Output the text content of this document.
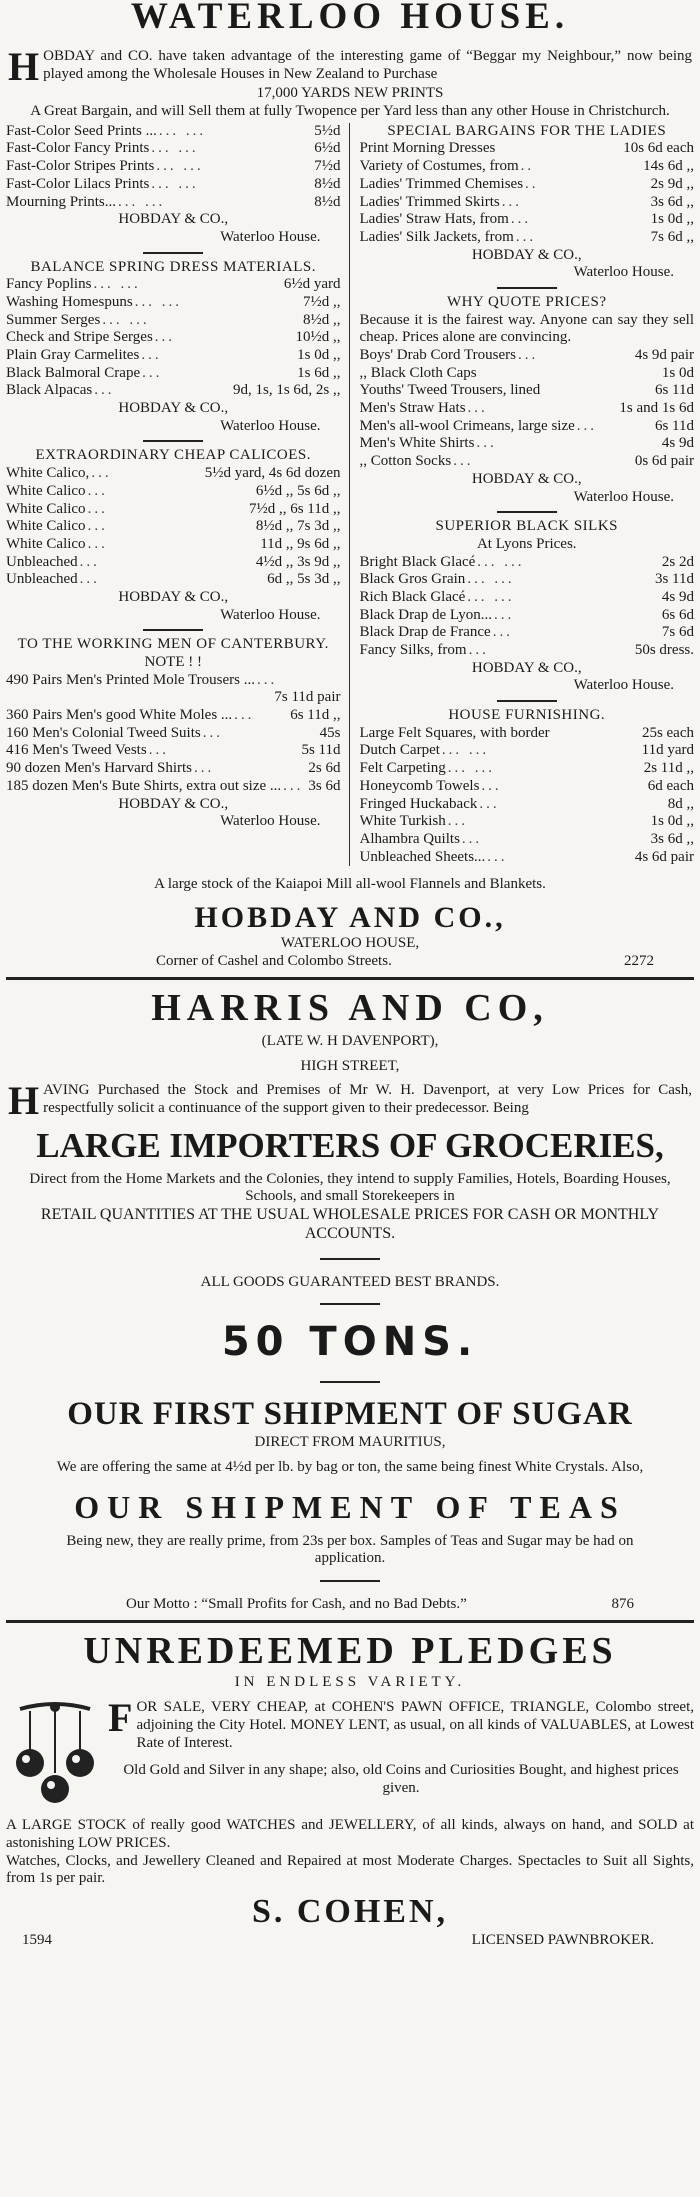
WATERLOO HOUSE.

HOBDAY and CO. have taken advantage of the interesting game of “Beggar my Neighbour,” now being played among the Wholesale Houses in New Zealand to Purchase

17,000 YARDS NEW PRINTS
A Great Bargain, and will Sell them at fully Twopence per Yard less than any other House in Christchurch.
Fast-Color Seed Prints ... ... ...	5½d
Fast-Color Fancy Prints ... ...	6½d
Fast-Color Stripes Prints ... ...	7½d
Fast-Color Lilacs Prints ... ...	8½d
Mourning Prints... ... ...	8½d
HOBDAY & CO.,
Waterloo House.
BALANCE SPRING DRESS MATERIALS.
Fancy Poplins ... ...	6½d yard
Washing Homespuns ... ...	7½d ,,
Summer Serges ... ...	8½d ,,
Check and Stripe Serges ...	10½d ,,
Plain Gray Carmelites ...	1s 0d ,,
Black Balmoral Crape ...	1s 6d ,,
Black Alpacas ...	9d, 1s, 1s 6d, 2s ,,
HOBDAY & CO.,
Waterloo House.
EXTRAORDINARY CHEAP CALICOES.
White Calico, ...	5½d yard, 4s 6d dozen
White Calico ...	6½d ,, 5s 6d ,,
White Calico ...	7½d ,, 6s 11d ,,
White Calico ...	8½d ,, 7s 3d ,,
White Calico ...	11d ,, 9s 6d ,,
Unbleached ...	4½d ,, 3s 9d ,,
Unbleached ...	6d ,, 5s 3d ,,
HOBDAY & CO.,
Waterloo House.
TO THE WORKING MEN OF CANTERBURY.
NOTE ! !
490 Pairs Men's Printed Mole Trousers ... ...
7s 11d pair
360 Pairs Men's good White Moles ... ...	6s 11d ,,
160 Men's Colonial Tweed Suits ...	45s
416 Men's Tweed Vests ...	5s 11d
90 dozen Men's Harvard Shirts ...	2s 6d
185 dozen Men's Bute Shirts, extra out size ... ... 3s 6d
HOBDAY & CO.,
Waterloo House.
SPECIAL BARGAINS FOR THE LADIES
Print Morning Dresses	10s 6d each
Variety of Costumes, from ..	14s 6d ,,
Ladies' Trimmed Chemises ..	2s 9d ,,
Ladies' Trimmed Skirts ...	3s 6d ,,
Ladies' Straw Hats, from ...	1s 0d ,,
Ladies' Silk Jackets, from ...	7s 6d ,,
HOBDAY & CO.,
Waterloo House.
WHY QUOTE PRICES?
Because it is the fairest way. Anyone can say they sell cheap. Prices alone are convincing.
Boys' Drab Cord Trousers ...	4s 9d pair
,, Black Cloth Caps	1s 0d
Youths' Tweed Trousers, lined	6s 11d
Men's Straw Hats ...	1s and 1s 6d
Men's all-wool Crimeans, large size ...	6s 11d
Men's White Shirts ...	4s 9d
,, Cotton Socks ...	0s 6d pair
HOBDAY & CO.,
Waterloo House.
SUPERIOR BLACK SILKS
At Lyons Prices.
Bright Black Glacé ... ...	2s 2d
Black Gros Grain ... ...	3s 11d
Rich Black Glacé ... ...	4s 9d
Black Drap de Lyon... ...	6s 6d
Black Drap de France ...	7s 6d
Fancy Silks, from ...	50s dress.
HOBDAY & CO.,
Waterloo House.
HOUSE FURNISHING.
Large Felt Squares, with border	25s each
Dutch Carpet ... ...	11d yard
Felt Carpeting ... ...	2s 11d ,,
Honeycomb Towels ...	6d each
Fringed Huckaback ...	8d ,,
White Turkish ...	1s 0d ,,
Alhambra Quilts ...	3s 6d ,,
Unbleached Sheets... ...	4s 6d pair
A large stock of the Kaiapoi Mill all-wool Flannels and Blankets.
HOBDAY AND CO.,
WATERLOO HOUSE,
Corner of Cashel and Colombo Streets.	2272
HARRIS AND CO,
(LATE W. H DAVENPORT),
HIGH STREET,

HAVING Purchased the Stock and Premises of Mr W. H. Davenport, at very Low Prices for Cash, respectfully solicit a continuance of the support given to their predecessor. Being

LARGE IMPORTERS OF GROCERIES,
Direct from the Home Markets and the Colonies, they intend to supply Families, Hotels, Boarding Houses, Schools, and small Storekeepers in
RETAIL QUANTITIES AT THE USUAL WHOLESALE PRICES FOR CASH OR MONTHLY ACCOUNTS.
ALL GOODS GUARANTEED BEST BRANDS.
50 TONS.
OUR FIRST SHIPMENT OF SUGAR
DIRECT FROM MAURITIUS,
We are offering the same at 4½d per lb. by bag or ton, the same being finest White Crystals. Also,
OUR SHIPMENT OF TEAS
Being new, they are really prime, from 23s per box. Samples of Teas and Sugar may be had on application.
Our Motto : “Small Profits for Cash, and no Bad Debts.”	876
UNREDEEMED PLEDGES
IN ENDLESS VARIETY.

FOR SALE, VERY CHEAP, at COHEN'S PAWN OFFICE, TRIANGLE, Colombo street, adjoining the City Hotel. MONEY LENT, as usual, on all kinds of VALUABLES, at Lowest Rate of Interest.

Old Gold and Silver in any shape; also, old Coins and Curiosities Bought, and highest prices given.
A LARGE STOCK of really good WATCHES and JEWELLERY, of all kinds, always on hand, and SOLD at astonishing LOW PRICES.
Watches, Clocks, and Jewellery Cleaned and Repaired at most Moderate Charges. Spectacles to Suit all Sights, from 1s per pair.
S. COHEN,
1594	LICENSED PAWNBROKER.
